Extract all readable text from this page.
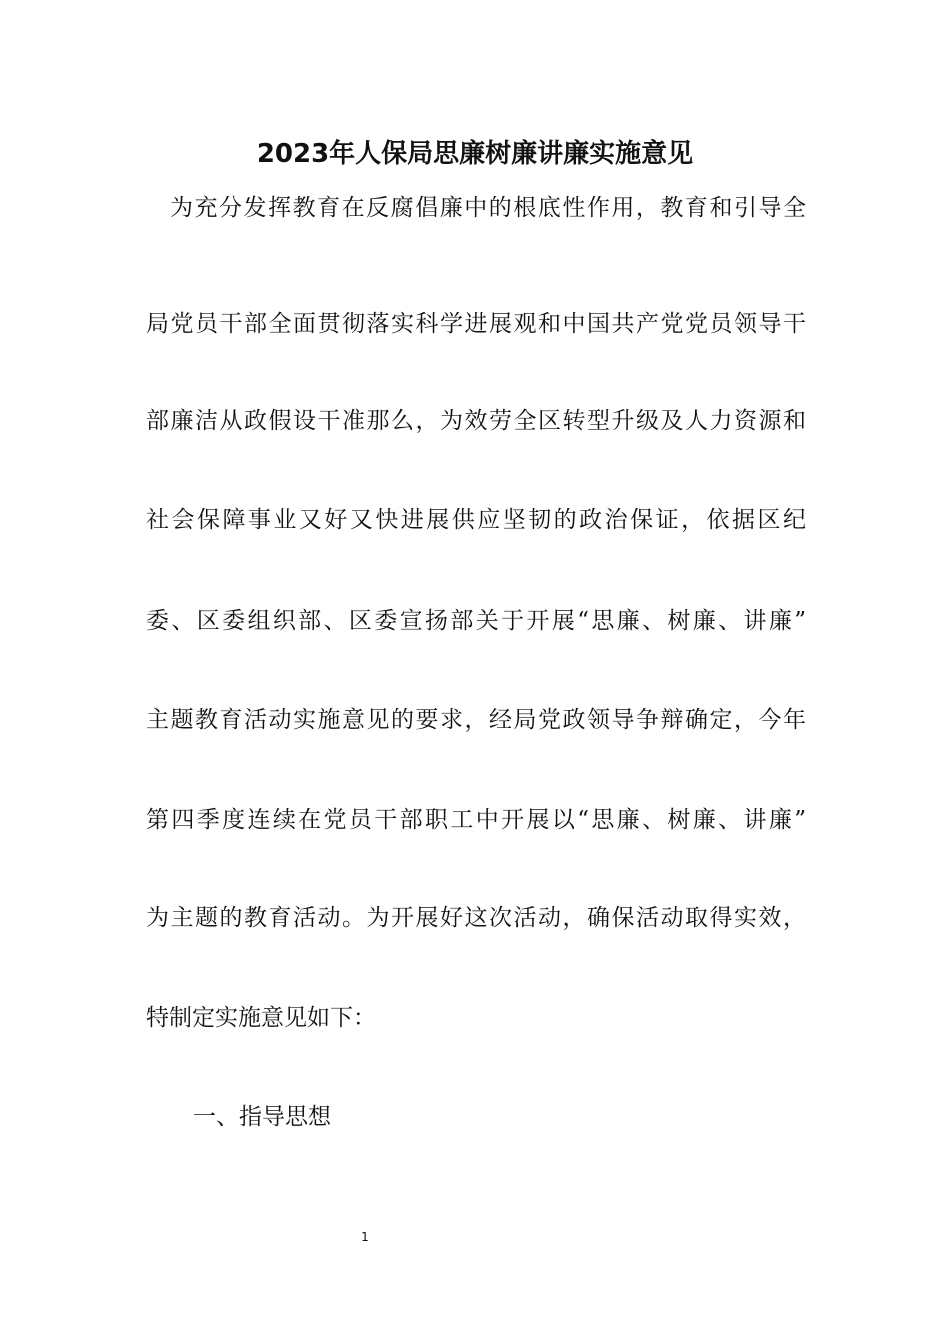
2023年人保局思廉树廉讲廉实施意见
为充分发挥教育在反腐倡廉中的根底性作用，教育和引导全
局党员干部全面贯彻落实科学进展观和中国共产党党员领导干
部廉洁从政假设干准那么，为效劳全区转型升级及人力资源和
社会保障事业又好又快进展供应坚韧的政治保证，依据区纪
委、区委组织部、区委宣扬部关于开展“思廉、树廉、讲廉”
主题教育活动实施意见的要求，经局党政领导争辩确定，今年
第四季度连续在党员干部职工中开展以“思廉、树廉、讲廉”
为主题的教育活动。为开展好这次活动，确保活动取得实效，
特制定实施意见如下：
一、指导思想
1
